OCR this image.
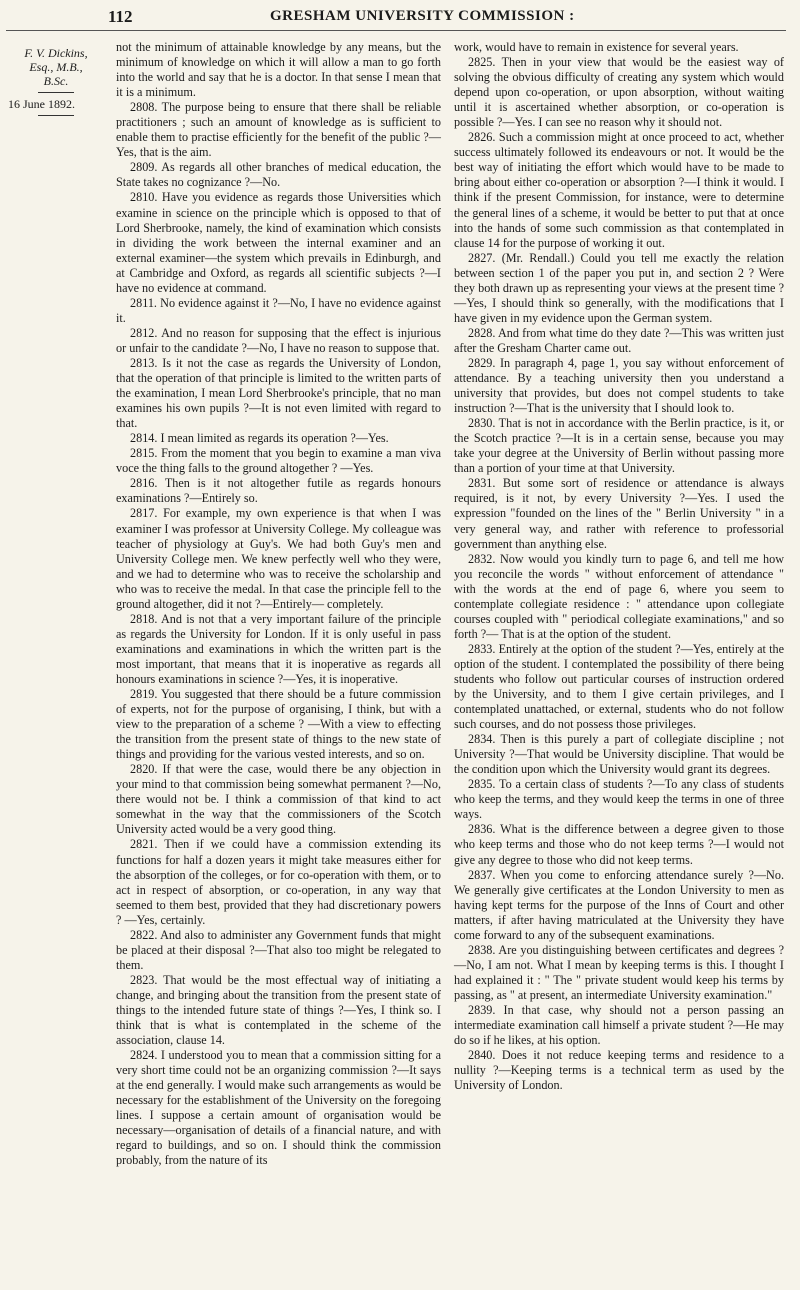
112	GRESHAM UNIVERSITY COMMISSION :
F. V. Dickins,
Esq., M.B.,
B.Sc.
16 June 1892.

not the minimum of attainable knowledge by any means, but the minimum of knowledge on which it will allow a man to go forth into the world and say that he is a doctor. In that sense I mean that it is a minimum.

2808. The purpose being to ensure that there shall be reliable practitioners ; such an amount of knowledge as is sufficient to enable them to practise efficiently for the benefit of the public ?—Yes, that is the aim.

2809. As regards all other branches of medical education, the State takes no cognizance ?—No.

2810. Have you evidence as regards those Universities which examine in science on the principle which is opposed to that of Lord Sherbrooke, namely, the kind of examination which consists in dividing the work between the internal examiner and an external examiner—the system which prevails in Edinburgh, and at Cambridge and Oxford, as regards all scientific subjects ?—I have no evidence at command.

2811. No evidence against it ?—No, I have no evidence against it.

2812. And no reason for supposing that the effect is injurious or unfair to the candidate ?—No, I have no reason to suppose that.

2813. Is it not the case as regards the University of London, that the operation of that principle is limited to the written parts of the examination, I mean Lord Sherbrooke's principle, that no man examines his own pupils ?—It is not even limited with regard to that.

2814. I mean limited as regards its operation ?—Yes.

2815. From the moment that you begin to examine a man viva voce the thing falls to the ground altogether ? —Yes.

2816. Then is it not altogether futile as regards honours examinations ?—Entirely so.

2817. For example, my own experience is that when I was examiner I was professor at University College. My colleague was teacher of physiology at Guy's. We had both Guy's men and University College men. We knew perfectly well who they were, and we had to determine who was to receive the scholarship and who was to receive the medal. In that case the principle fell to the ground altogether, did it not ?—Entirely— completely.

2818. And is not that a very important failure of the principle as regards the University for London. If it is only useful in pass examinations and examinations in which the written part is the most important, that means that it is inoperative as regards all honours examinations in science ?—Yes, it is inoperative.

2819. You suggested that there should be a future commission of experts, not for the purpose of organising, I think, but with a view to the preparation of a scheme ? —With a view to effecting the transition from the present state of things to the new state of things and providing for the various vested interests, and so on.

2820. If that were the case, would there be any objection in your mind to that commission being somewhat permanent ?—No, there would not be. I think a commission of that kind to act somewhat in the way that the commissioners of the Scotch University acted would be a very good thing.

2821. Then if we could have a commission extending its functions for half a dozen years it might take measures either for the absorption of the colleges, or for co-operation with them, or to act in respect of absorption, or co-operation, in any way that seemed to them best, provided that they had discretionary powers ? —Yes, certainly.

2822. And also to administer any Government funds that might be placed at their disposal ?—That also too might be relegated to them.

2823. That would be the most effectual way of initiating a change, and bringing about the transition from the present state of things to the intended future state of things ?—Yes, I think so. I think that is what is contemplated in the scheme of the association, clause 14.

2824. I understood you to mean that a commission sitting for a very short time could not be an organizing commission ?—It says at the end generally. I would make such arrangements as would be necessary for the establishment of the University on the foregoing lines. I suppose a certain amount of organisation would be necessary—organisation of details of a financial nature, and with regard to buildings, and so on. I should think the commission probably, from the nature of its

work, would have to remain in existence for several years.

2825. Then in your view that would be the easiest way of solving the obvious difficulty of creating any system which would depend upon co-operation, or upon absorption, without waiting until it is ascertained whether absorption, or co-operation is possible ?—Yes. I can see no reason why it should not.

2826. Such a commission might at once proceed to act, whether success ultimately followed its endeavours or not. It would be the best way of initiating the effort which would have to be made to bring about either co-operation or absorption ?—I think it would. I think if the present Commission, for instance, were to determine the general lines of a scheme, it would be better to put that at once into the hands of some such commission as that contemplated in clause 14 for the purpose of working it out.

2827. (Mr. Rendall.) Could you tell me exactly the relation between section 1 of the paper you put in, and section 2 ? Were they both drawn up as representing your views at the present time ?—Yes, I should think so generally, with the modifications that I have given in my evidence upon the German system.

2828. And from what time do they date ?—This was written just after the Gresham Charter came out.

2829. In paragraph 4, page 1, you say without enforcement of attendance. By a teaching university then you understand a university that provides, but does not compel students to take instruction ?—That is the university that I should look to.

2830. That is not in accordance with the Berlin practice, is it, or the Scotch practice ?—It is in a certain sense, because you may take your degree at the University of Berlin without passing more than a portion of your time at that University.

2831. But some sort of residence or attendance is always required, is it not, by every University ?—Yes. I used the expression "founded on the lines of the " Berlin University " in a very general way, and rather with reference to professorial government than anything else.

2832. Now would you kindly turn to page 6, and tell me how you reconcile the words " without enforcement of attendance " with the words at the end of page 6, where you seem to contemplate collegiate residence : " attendance upon collegiate courses coupled with " periodical collegiate examinations," and so forth ?— That is at the option of the student.

2833. Entirely at the option of the student ?—Yes, entirely at the option of the student. I contemplated the possibility of there being students who follow out particular courses of instruction ordered by the University, and to them I give certain privileges, and I contemplated unattached, or external, students who do not follow such courses, and do not possess those privileges.

2834. Then is this purely a part of collegiate discipline ; not University ?—That would be University discipline. That would be the condition upon which the University would grant its degrees.

2835. To a certain class of students ?—To any class of students who keep the terms, and they would keep the terms in one of three ways.

2836. What is the difference between a degree given to those who keep terms and those who do not keep terms ?—I would not give any degree to those who did not keep terms.

2837. When you come to enforcing attendance surely ?—No. We generally give certificates at the London University to men as having kept terms for the purpose of the Inns of Court and other matters, if after having matriculated at the University they have come forward to any of the subsequent examinations.

2838. Are you distinguishing between certificates and degrees ?—No, I am not. What I mean by keeping terms is this. I thought I had explained it : " The " private student would keep his terms by passing, as " at present, an intermediate University examination."

2839. In that case, why should not a person passing an intermediate examination call himself a private student ?—He may do so if he likes, at his option.

2840. Does it not reduce keeping terms and residence to a nullity ?—Keeping terms is a technical term as used by the University of London.
